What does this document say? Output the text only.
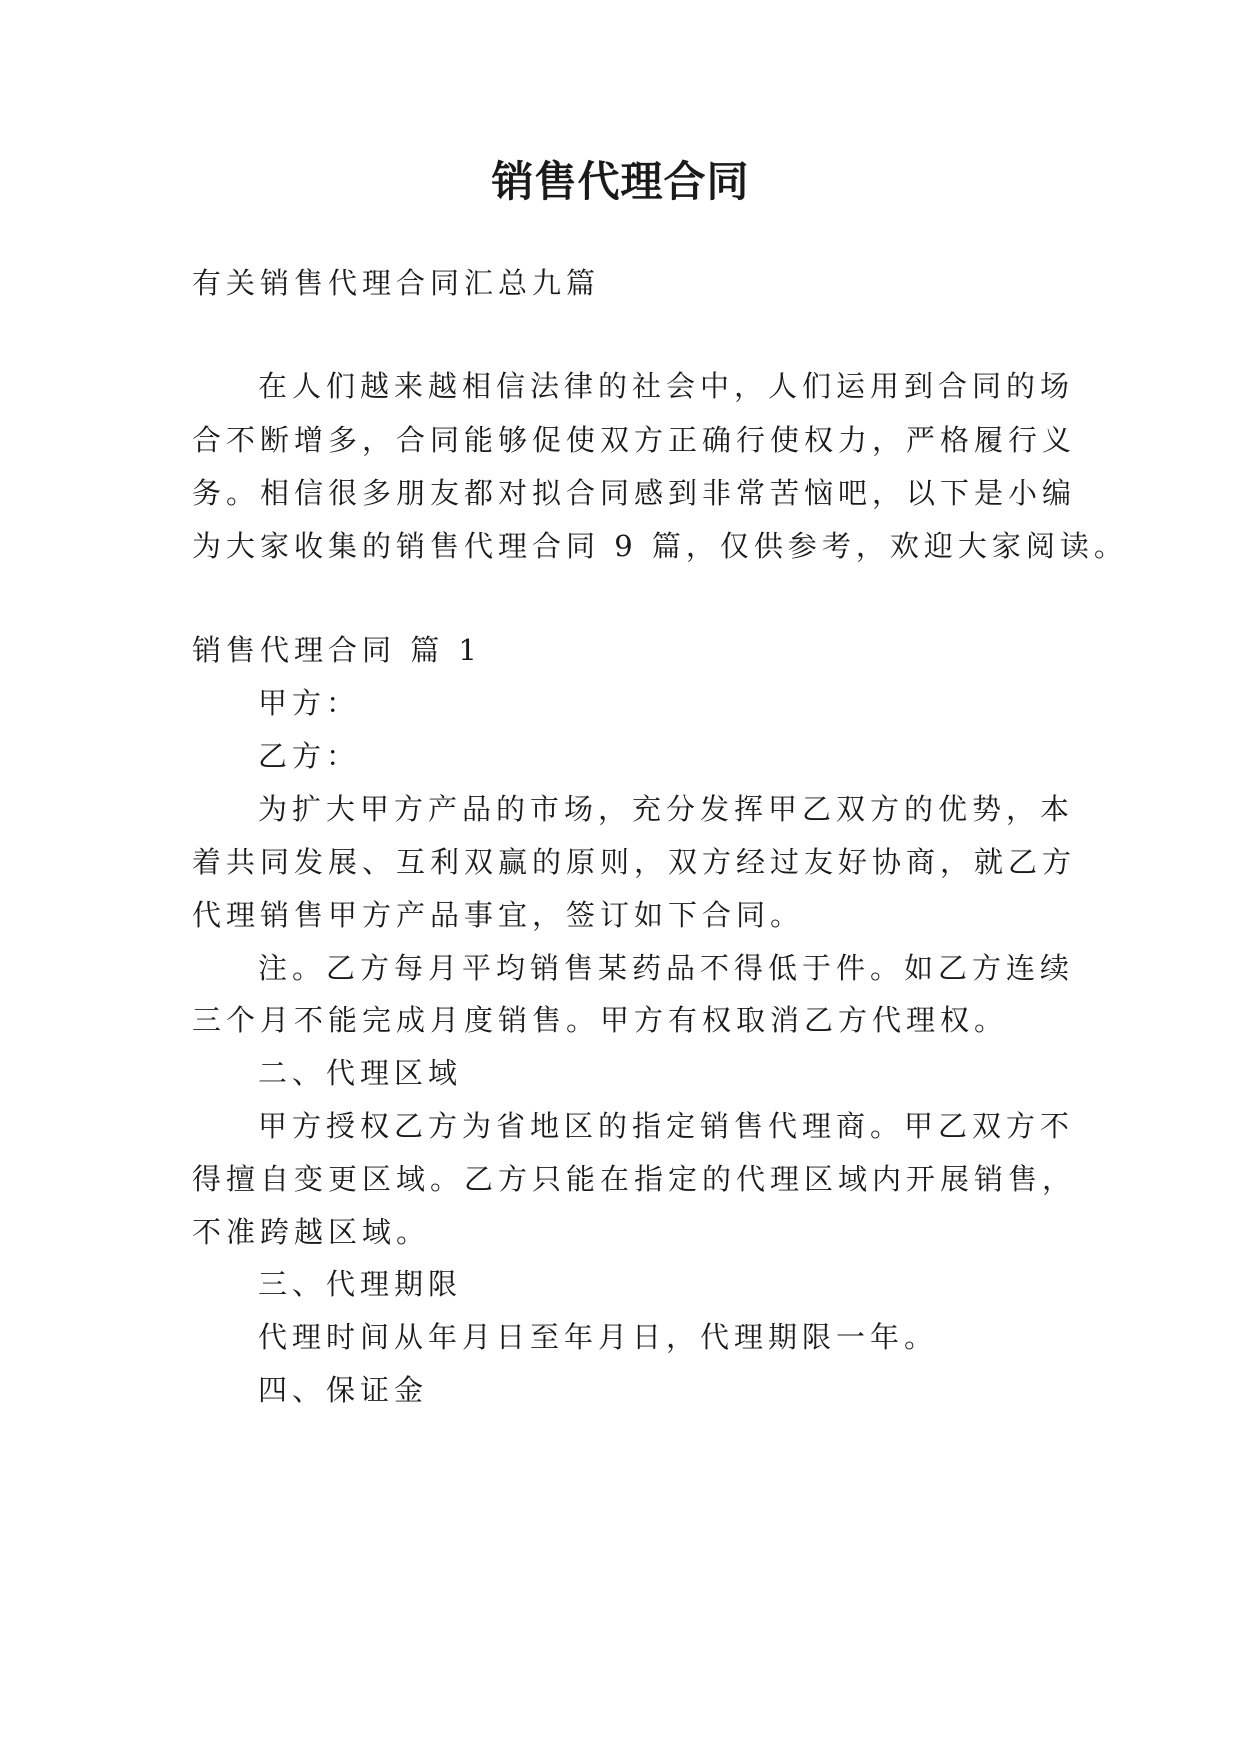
销售代理合同
有关销售代理合同汇总九篇
在人们越来越相信法律的社会中，人们运用到合同的场
合不断增多，合同能够促使双方正确行使权力，严格履行义
务。相信很多朋友都对拟合同感到非常苦恼吧，以下是小编
为大家收集的销售代理合同 9 篇，仅供参考，欢迎大家阅读。
销售代理合同 篇 1
甲方：
乙方：
为扩大甲方产品的市场，充分发挥甲乙双方的优势，本
着共同发展、互利双赢的原则，双方经过友好协商，就乙方
代理销售甲方产品事宜，签订如下合同。
注。乙方每月平均销售某药品不得低于件。如乙方连续
三个月不能完成月度销售。甲方有权取消乙方代理权。
二、代理区域
甲方授权乙方为省地区的指定销售代理商。甲乙双方不
得擅自变更区域。乙方只能在指定的代理区域内开展销售，
不准跨越区域。
三、代理期限
代理时间从年月日至年月日，代理期限一年。
四、保证金
